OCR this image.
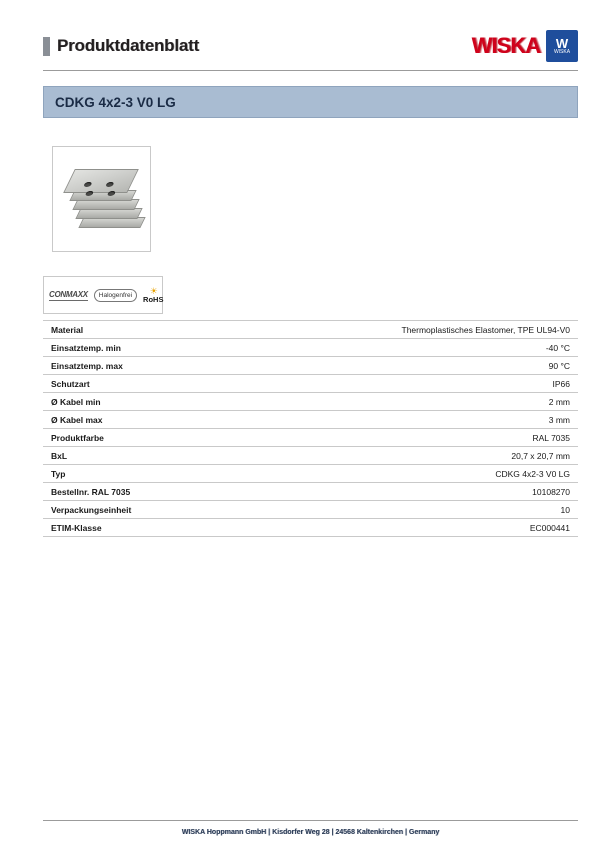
Produktdatenblatt	WISKA W
WISKA
CDKG 4x2-3 V0 LG
CONMAXX	Halogenfrei	☀
RoHS
Material	Thermoplastisches Elastomer, TPE UL94-V0
Einsatztemp. min	-40 °C
Einsatztemp. max	90 °C
Schutzart	IP66
Ø Kabel min	2 mm
Ø Kabel max	3 mm
Produktfarbe	RAL 7035
BxL	20,7 x 20,7 mm
Typ	CDKG 4x2-3 V0 LG
Bestellnr. RAL 7035	10108270
Verpackungseinheit	10
ETIM-Klasse	EC000441
WISKA Hoppmann GmbH | Kisdorfer Weg 28 | 24568 Kaltenkirchen | Germany
